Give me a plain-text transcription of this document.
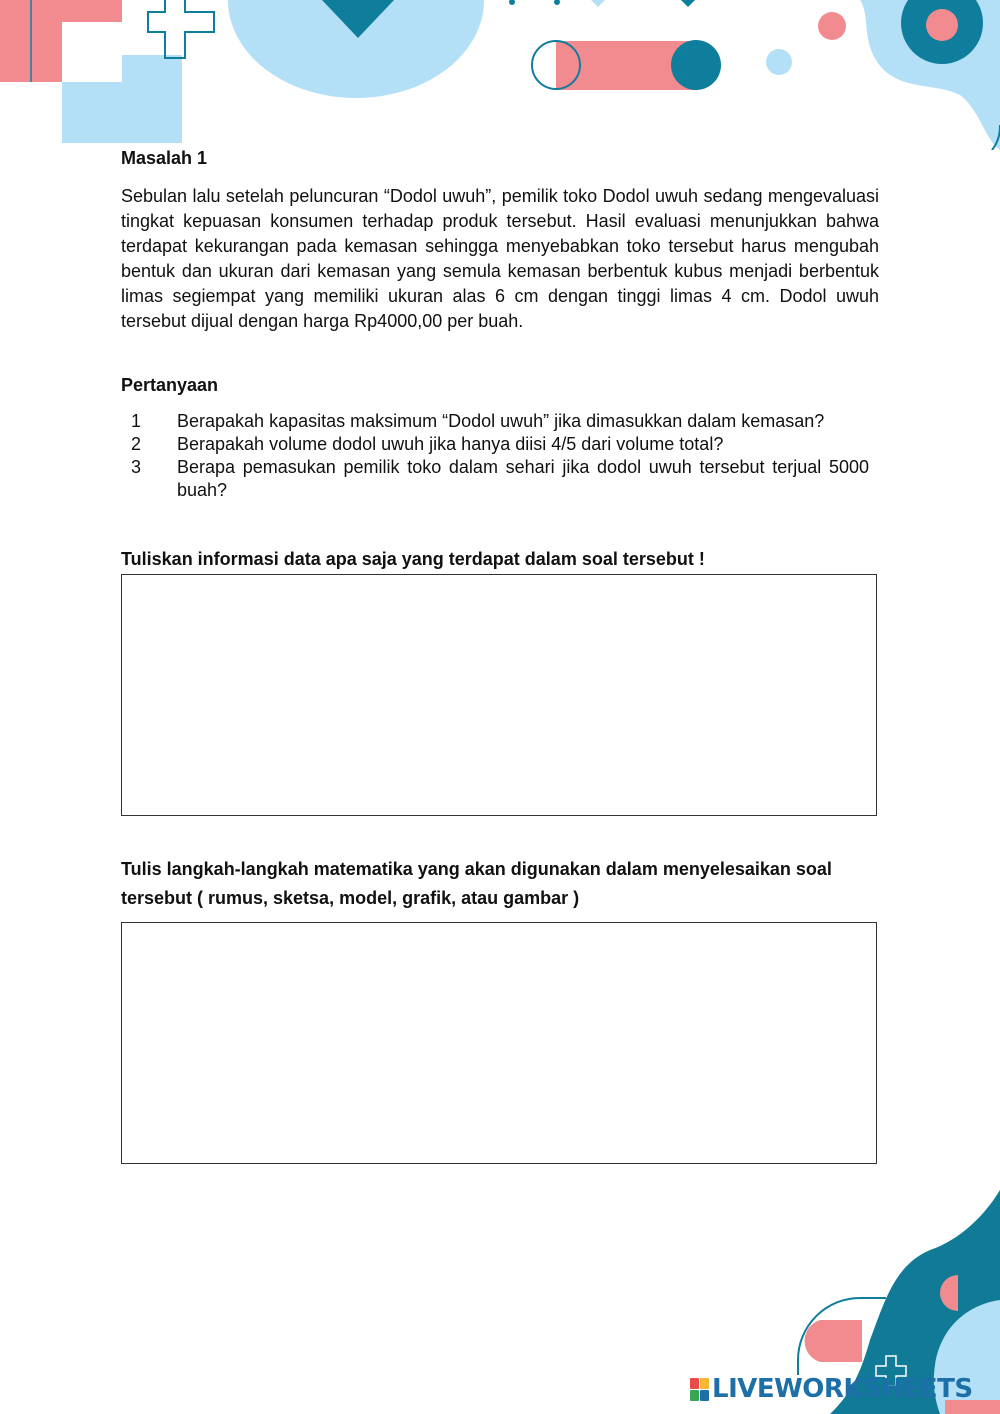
Masalah 1

Sebulan lalu setelah peluncuran “Dodol uwuh”, pemilik toko Dodol uwuh sedang mengevaluasi tingkat kepuasan konsumen terhadap produk tersebut. Hasil evaluasi menunjukkan bahwa terdapat kekurangan pada kemasan sehingga menyebabkan toko tersebut harus mengubah bentuk dan ukuran dari kemasan yang semula kemasan berbentuk kubus menjadi berbentuk limas segiempat yang memiliki ukuran alas 6 cm dengan tinggi limas 4 cm. Dodol uwuh tersebut dijual dengan harga Rp4000,00 per buah.

Pertanyaan
1	Berapakah kapasitas maksimum “Dodol uwuh” jika dimasukkan dalam kemasan?
2	Berapakah volume dodol uwuh jika hanya diisi 4/5 dari volume total?
3	Berapa pemasukan pemilik toko dalam sehari jika dodol uwuh tersebut terjual 5000 buah?
Tuliskan informasi data apa saja yang terdapat dalam soal tersebut !
Tulis langkah-langkah matematika yang akan digunakan dalam menyelesaikan soal tersebut ( rumus, sketsa, model, grafik, atau gambar )
LIVEWORKSHEETS
